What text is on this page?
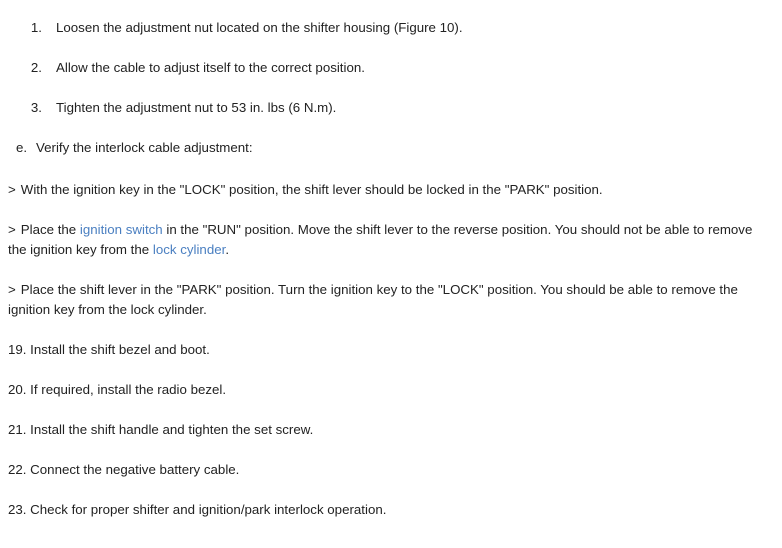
1. Loosen the adjustment nut located on the shifter housing (Figure 10).
2. Allow the cable to adjust itself to the correct position.
3. Tighten the adjustment nut to 53 in. lbs (6 N.m).
e. Verify the interlock cable adjustment:
> With the ignition key in the "LOCK" position, the shift lever should be locked in the "PARK" position.
> Place the ignition switch in the "RUN" position. Move the shift lever to the reverse position. You should not be able to remove the ignition key from the lock cylinder.
> Place the shift lever in the "PARK" position. Turn the ignition key to the "LOCK" position. You should be able to remove the ignition key from the lock cylinder.
19. Install the shift bezel and boot.
20. If required, install the radio bezel.
21. Install the shift handle and tighten the set screw.
22. Connect the negative battery cable.
23. Check for proper shifter and ignition/park interlock operation.
